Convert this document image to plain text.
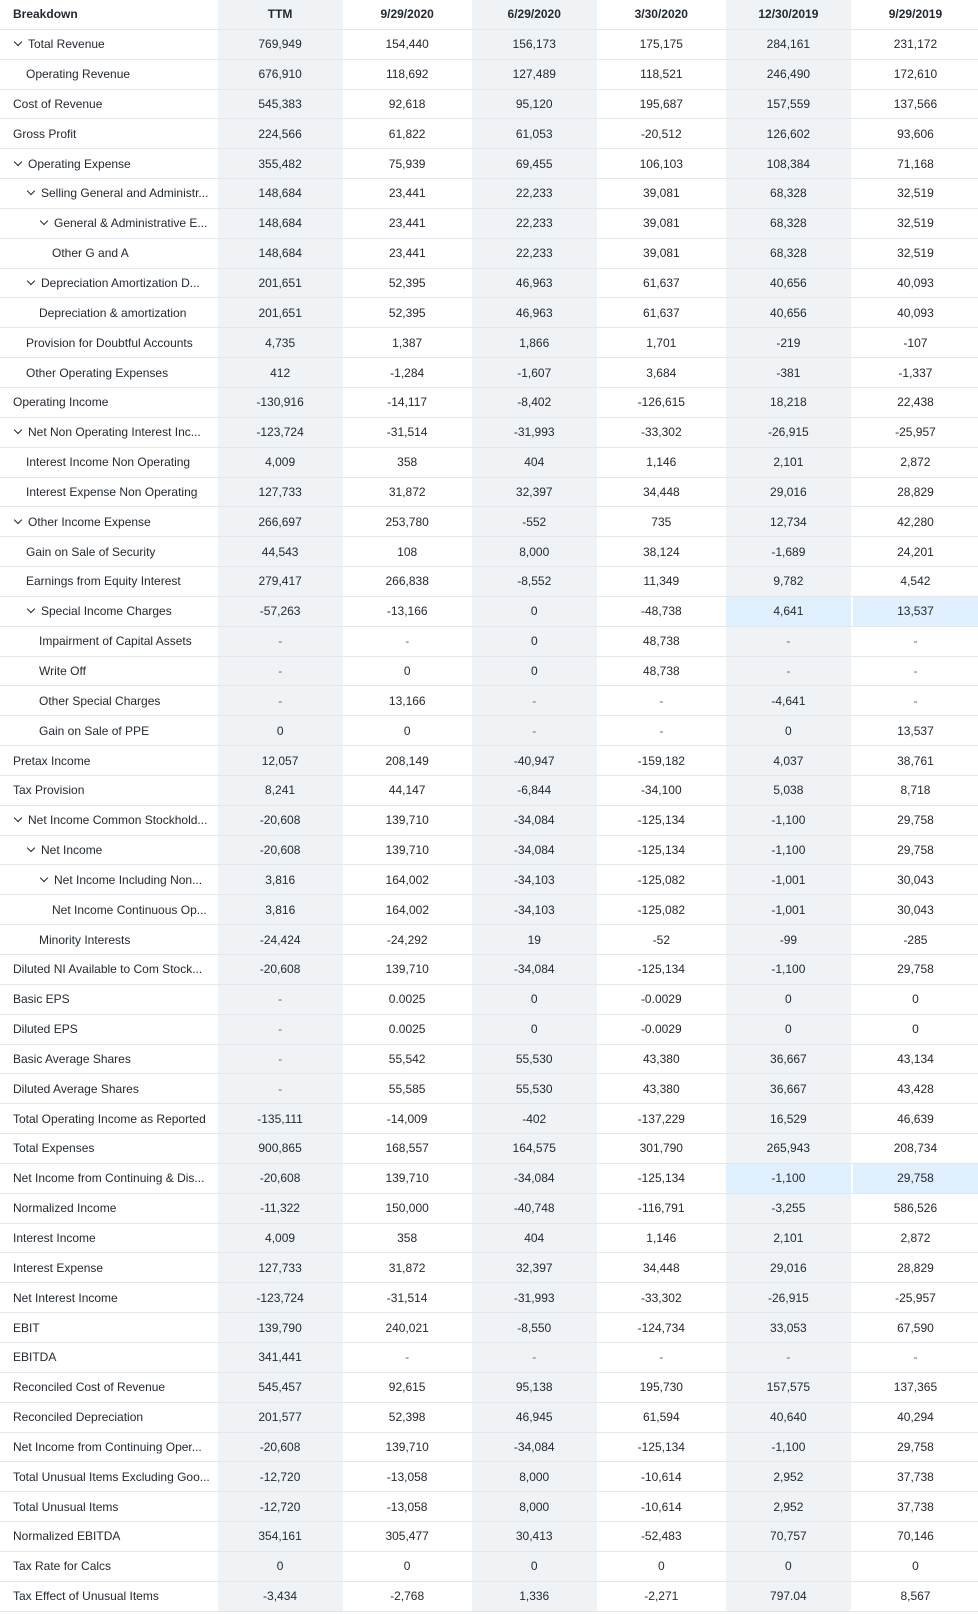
Breakdown	TTM	9/29/2020	6/29/2020	3/30/2020	12/30/2019	9/29/2019
Total Revenue	769,949	154,440	156,173	175,175	284,161	231,172
Operating Revenue	676,910	118,692	127,489	118,521	246,490	172,610
Cost of Revenue	545,383	92,618	95,120	195,687	157,559	137,566
Gross Profit	224,566	61,822	61,053	-20,512	126,602	93,606
Operating Expense	355,482	75,939	69,455	106,103	108,384	71,168
Selling General and Administr...	148,684	23,441	22,233	39,081	68,328	32,519
General & Administrative E...	148,684	23,441	22,233	39,081	68,328	32,519
Other G and A	148,684	23,441	22,233	39,081	68,328	32,519
Depreciation Amortization D...	201,651	52,395	46,963	61,637	40,656	40,093
Depreciation & amortization	201,651	52,395	46,963	61,637	40,656	40,093
Provision for Doubtful Accounts	4,735	1,387	1,866	1,701	-219	-107
Other Operating Expenses	412	-1,284	-1,607	3,684	-381	-1,337
Operating Income	-130,916	-14,117	-8,402	-126,615	18,218	22,438
Net Non Operating Interest Inc...	-123,724	-31,514	-31,993	-33,302	-26,915	-25,957
Interest Income Non Operating	4,009	358	404	1,146	2,101	2,872
Interest Expense Non Operating	127,733	31,872	32,397	34,448	29,016	28,829
Other Income Expense	266,697	253,780	-552	735	12,734	42,280
Gain on Sale of Security	44,543	108	8,000	38,124	-1,689	24,201
Earnings from Equity Interest	279,417	266,838	-8,552	11,349	9,782	4,542
Special Income Charges	-57,263	-13,166	0	-48,738	4,641	13,537
Impairment of Capital Assets	-	-	0	48,738	-	-
Write Off	-	0	0	48,738	-	-
Other Special Charges	-	13,166	-	-	-4,641	-
Gain on Sale of PPE	0	0	-	-	0	13,537
Pretax Income	12,057	208,149	-40,947	-159,182	4,037	38,761
Tax Provision	8,241	44,147	-6,844	-34,100	5,038	8,718
Net Income Common Stockhold...	-20,608	139,710	-34,084	-125,134	-1,100	29,758
Net Income	-20,608	139,710	-34,084	-125,134	-1,100	29,758
Net Income Including Non...	3,816	164,002	-34,103	-125,082	-1,001	30,043
Net Income Continuous Op...	3,816	164,002	-34,103	-125,082	-1,001	30,043
Minority Interests	-24,424	-24,292	19	-52	-99	-285
Diluted NI Available to Com Stock...	-20,608	139,710	-34,084	-125,134	-1,100	29,758
Basic EPS	-	0.0025	0	-0.0029	0	0
Diluted EPS	-	0.0025	0	-0.0029	0	0
Basic Average Shares	-	55,542	55,530	43,380	36,667	43,134
Diluted Average Shares	-	55,585	55,530	43,380	36,667	43,428
Total Operating Income as Reported	-135,111	-14,009	-402	-137,229	16,529	46,639
Total Expenses	900,865	168,557	164,575	301,790	265,943	208,734
Net Income from Continuing & Dis...	-20,608	139,710	-34,084	-125,134	-1,100	29,758
Normalized Income	-11,322	150,000	-40,748	-116,791	-3,255	586,526
Interest Income	4,009	358	404	1,146	2,101	2,872
Interest Expense	127,733	31,872	32,397	34,448	29,016	28,829
Net Interest Income	-123,724	-31,514	-31,993	-33,302	-26,915	-25,957
EBIT	139,790	240,021	-8,550	-124,734	33,053	67,590
EBITDA	341,441	-	-	-	-	-
Reconciled Cost of Revenue	545,457	92,615	95,138	195,730	157,575	137,365
Reconciled Depreciation	201,577	52,398	46,945	61,594	40,640	40,294
Net Income from Continuing Oper...	-20,608	139,710	-34,084	-125,134	-1,100	29,758
Total Unusual Items Excluding Goo...	-12,720	-13,058	8,000	-10,614	2,952	37,738
Total Unusual Items	-12,720	-13,058	8,000	-10,614	2,952	37,738
Normalized EBITDA	354,161	305,477	30,413	-52,483	70,757	70,146
Tax Rate for Calcs	0	0	0	0	0	0
Tax Effect of Unusual Items	-3,434	-2,768	1,336	-2,271	797.04	8,567
